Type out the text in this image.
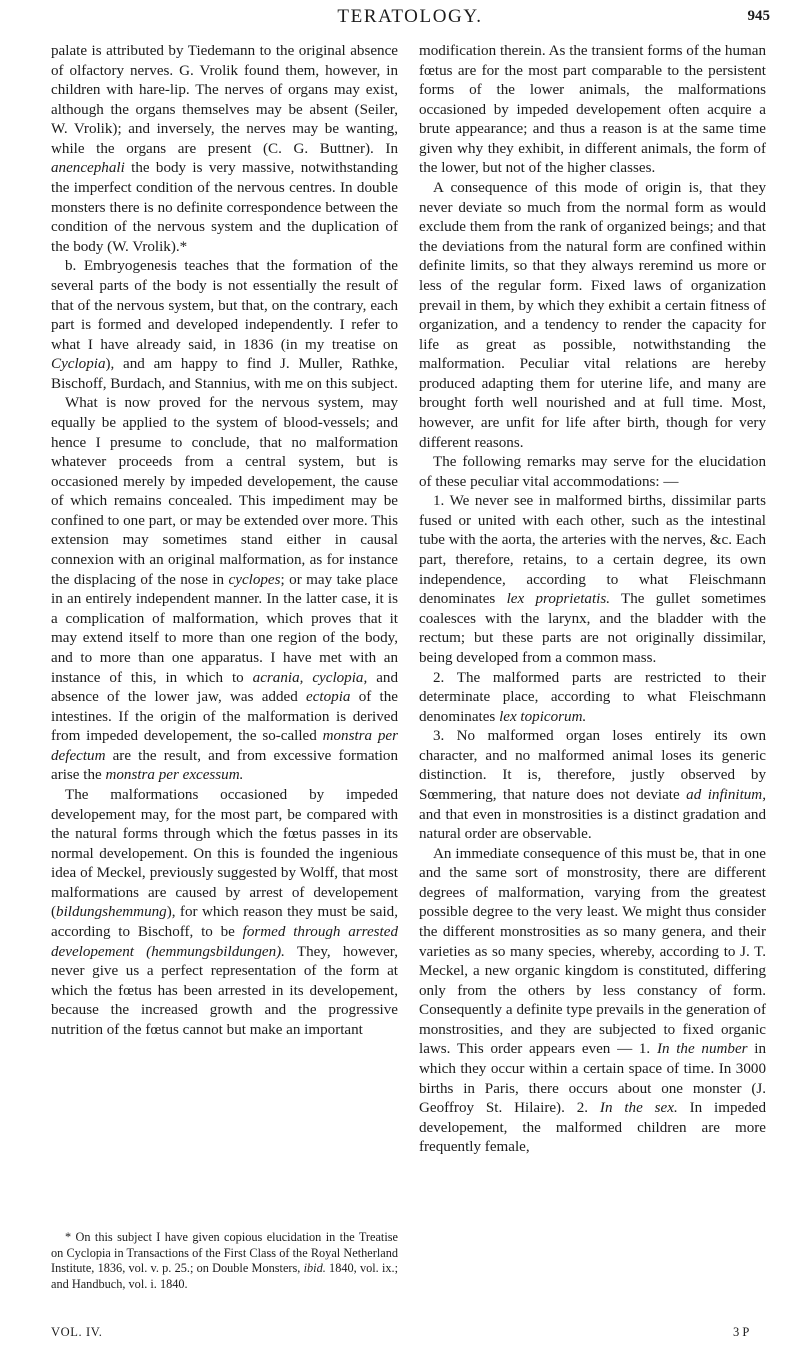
TERATOLOGY.	945

palate is attributed by Tiedemann to the original absence of olfactory nerves. G. Vrolik found them, however, in children with hare-lip. The nerves of organs may exist, although the organs themselves may be absent (Seiler, W. Vrolik); and inversely, the nerves may be wanting, while the organs are present (C. G. Buttner). In anencephali the body is very massive, notwithstanding the imperfect condition of the nervous centres. In double monsters there is no definite correspondence between the condition of the nervous system and the duplication of the body (W. Vrolik).*

b. Embryogenesis teaches that the formation of the several parts of the body is not essentially the result of that of the nervous system, but that, on the contrary, each part is formed and developed independently. I refer to what I have already said, in 1836 (in my treatise on Cyclopia), and am happy to find J. Muller, Rathke, Bischoff, Burdach, and Stannius, with me on this subject.

What is now proved for the nervous system, may equally be applied to the system of blood-vessels; and hence I presume to conclude, that no malformation whatever proceeds from a central system, but is occasioned merely by impeded developement, the cause of which remains concealed. This impediment may be confined to one part, or may be extended over more. This extension may sometimes stand either in causal connexion with an original malformation, as for instance the displacing of the nose in cyclopes; or may take place in an entirely independent manner. In the latter case, it is a complication of malformation, which proves that it may extend itself to more than one region of the body, and to more than one apparatus. I have met with an instance of this, in which to acrania, cyclopia, and absence of the lower jaw, was added ectopia of the intestines. If the origin of the malformation is derived from impeded developement, the so-called monstra per defectum are the result, and from excessive formation arise the monstra per excessum.

The malformations occasioned by impeded developement may, for the most part, be compared with the natural forms through which the fœtus passes in its normal developement. On this is founded the ingenious idea of Meckel, previously suggested by Wolff, that most malformations are caused by arrest of developement (bildungshemmung), for which reason they must be said, according to Bischoff, to be formed through arrested developement (hemmungsbildungen). They, however, never give us a perfect representation of the form at which the fœtus has been arrested in its developement, because the increased growth and the progressive nutrition of the fœtus cannot but make an important

* On this subject I have given copious elucidation in the Treatise on Cyclopia in Transactions of the First Class of the Royal Netherland Institute, 1836, vol. v. p. 25.; on Double Monsters, ibid. 1840, vol. ix.; and Handbuch, vol. i. 1840.

VOL. IV.	3 P

modification therein. As the transient forms of the human fœtus are for the most part comparable to the persistent forms of the lower animals, the malformations occasioned by impeded developement often acquire a brute appearance; and thus a reason is at the same time given why they exhibit, in different animals, the form of the lower, but not of the higher classes.

A consequence of this mode of origin is, that they never deviate so much from the normal form as would exclude them from the rank of organized beings; and that the deviations from the natural form are confined within definite limits, so that they always reremind us more or less of the regular form. Fixed laws of organization prevail in them, by which they exhibit a certain fitness of organization, and a tendency to render the capacity for life as great as possible, notwithstanding the malformation. Peculiar vital relations are hereby produced adapting them for uterine life, and many are brought forth well nourished and at full time. Most, however, are unfit for life after birth, though for very different reasons.

The following remarks may serve for the elucidation of these peculiar vital accommodations: —

1. We never see in malformed births, dissimilar parts fused or united with each other, such as the intestinal tube with the aorta, the arteries with the nerves, &c. Each part, therefore, retains, to a certain degree, its own independence, according to what Fleischmann denominates lex proprietatis. The gullet sometimes coalesces with the larynx, and the bladder with the rectum; but these parts are not originally dissimilar, being developed from a common mass.

2. The malformed parts are restricted to their determinate place, according to what Fleischmann denominates lex topicorum.

3. No malformed organ loses entirely its own character, and no malformed animal loses its generic distinction. It is, therefore, justly observed by Sœmmering, that nature does not deviate ad infinitum, and that even in monstrosities is a distinct gradation and natural order are observable.

An immediate consequence of this must be, that in one and the same sort of monstrosity, there are different degrees of malformation, varying from the greatest possible degree to the very least. We might thus consider the different monstrosities as so many genera, and their varieties as so many species, whereby, according to J. T. Meckel, a new organic kingdom is constituted, differing only from the others by less constancy of form. Consequently a definite type prevails in the generation of monstrosities, and they are subjected to fixed organic laws. This order appears even — 1. In the number in which they occur within a certain space of time. In 3000 births in Paris, there occurs about one monster (J. Geoffroy St. Hilaire). 2. In the sex. In impeded developement, the malformed children are more frequently female,
